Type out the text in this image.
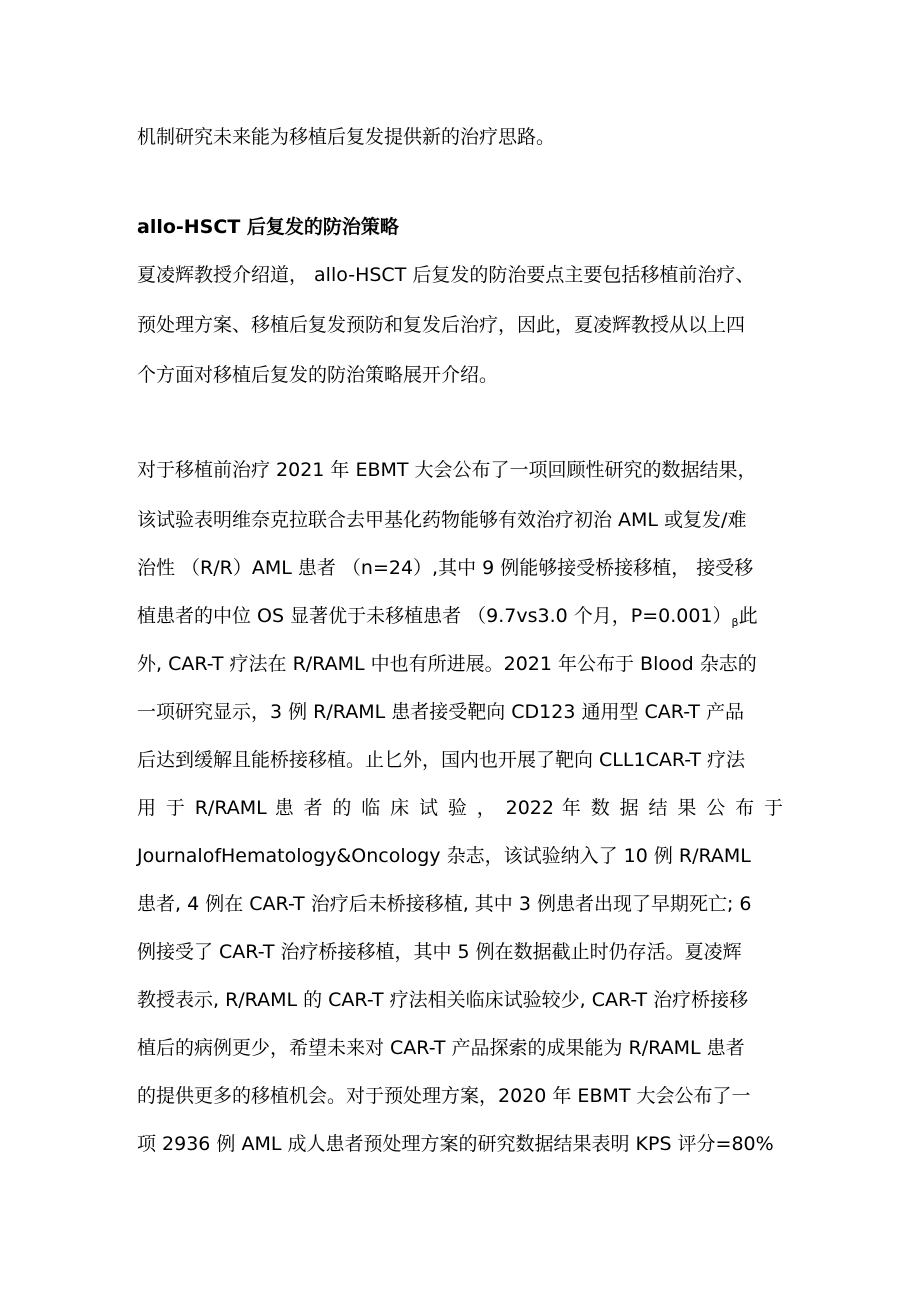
机制研究未来能为移植后复发提供新的治疗思路。
allo-HSCT 后复发的防治策略
夏凌辉教授介绍道， allo-HSCT 后复发的防治要点主要包括移植前治疗、
预处理方案、移植后复发预防和复发后治疗，因此，夏凌辉教授从以上四
个方面对移植后复发的防治策略展开介绍。
对于移植前治疗 2021 年 EBMT 大会公布了一项回顾性研究的数据结果，
该试验表明维奈克拉联合去甲基化药物能够有效治疗初治 AML 或复发/难
治性 （R/R）AML 患者 （n=24）,其中 9 例能够接受桥接移植， 接受移
植患者的中位 OS 显著优于未移植患者 （9.7vs3.0 个月，$P=0.001)_\beta$此
外, CAR-T 疗法在 R/RAML 中也有所进展。2021 年公布于 Blood 杂志的
一项研究显示，3 例 R/RAML 患者接受靶向 CD123 通用型 CAR-T 产品
后达到缓解且能桥接移植。止匕外，国内也开展了靶向 CLL1CAR-T 疗法
用 于 R/RAML 患 者 的 临 床 试 验 ， 2022 年 数 据 结 果 公 布 于
JournalofHematology&Oncology 杂志，该试验纳入了 10 例 R/RAML
患者, 4 例在 CAR-T 治疗后未桥接移植, 其中 3 例患者出现了早期死亡; 6
例接受了 CAR-T 治疗桥接移植，其中 5 例在数据截止时仍存活。夏凌辉
教授表示, R/RAML 的 CAR-T 疗法相关临床试验较少, CAR-T 治疗桥接移
植后的病例更少，希望未来对 CAR-T 产品探索的成果能为 R/RAML 患者
的提供更多的移植机会。对于预处理方案，2020 年 EBMT 大会公布了一
项 2936 例 AML 成人患者预处理方案的研究数据结果表明 KPS 评分=80%
